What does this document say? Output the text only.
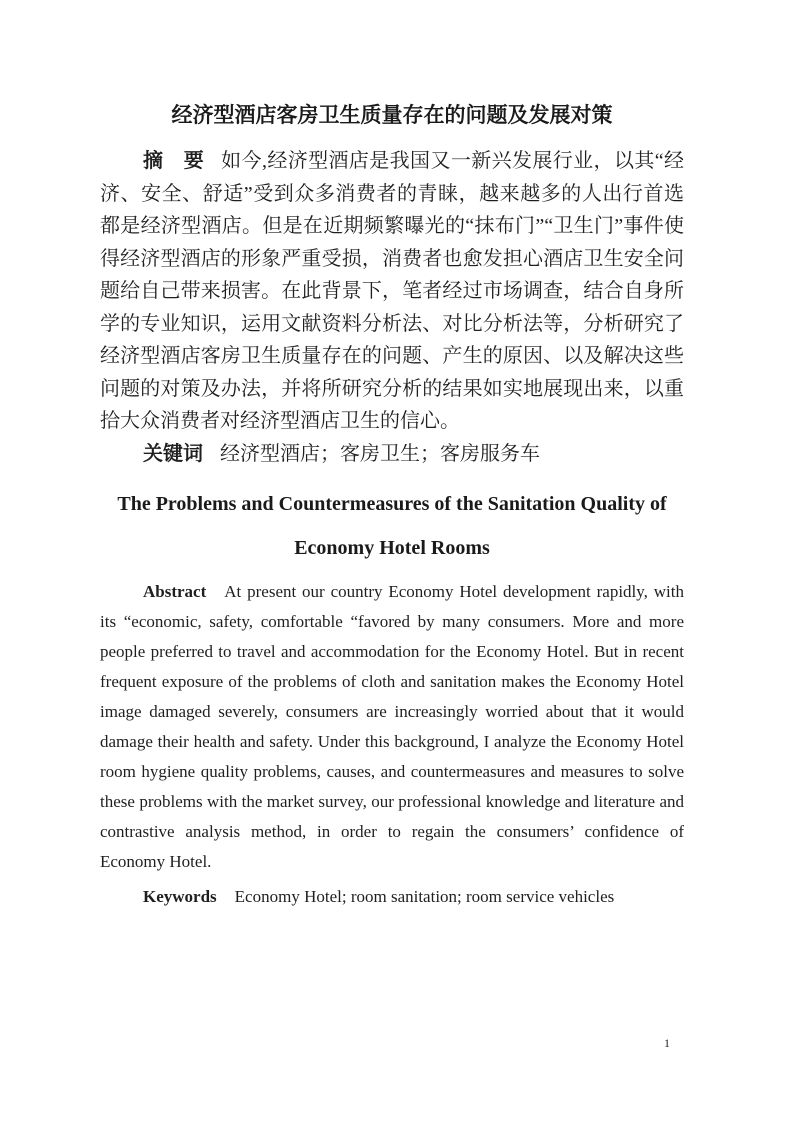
经济型酒店客房卫生质量存在的问题及发展对策

摘　要 如今,经济型酒店是我国又一新兴发展行业，以其“经济、安全、舒适”受到众多消费者的青睐，越来越多的人出行首选都是经济型酒店。但是在近期频繁曝光的“抹布门”“卫生门”事件使得经济型酒店的形象严重受损，消费者也愈发担心酒店卫生安全问题给自己带来损害。在此背景下，笔者经过市场调查，结合自身所学的专业知识，运用文献资料分析法、对比分析法等，分析研究了经济型酒店客房卫生质量存在的问题、产生的原因、以及解决这些问题的对策及办法，并将所研究分析的结果如实地展现出来，以重拾大众消费者对经济型酒店卫生的信心。

关键词 经济型酒店；客房卫生；客房服务车

The Problems and Countermeasures of the Sanitation Quality of
Economy Hotel Rooms

Abstract At present our country Economy Hotel development rapidly, with its “economic, safety, comfortable “favored by many consumers. More and more people preferred to travel and accommodation for the Economy Hotel. But in recent frequent exposure of the problems of cloth and sanitation makes the Economy Hotel image damaged severely, consumers are increasingly worried about that it would damage their health and safety. Under this background, I analyze the Economy Hotel room hygiene quality problems, causes, and countermeasures and measures to solve these problems with the market survey, our professional knowledge and literature and contrastive analysis method, in order to regain the consumers’ confidence of Economy Hotel.

Keywords Economy Hotel; room sanitation; room service vehicles

1
